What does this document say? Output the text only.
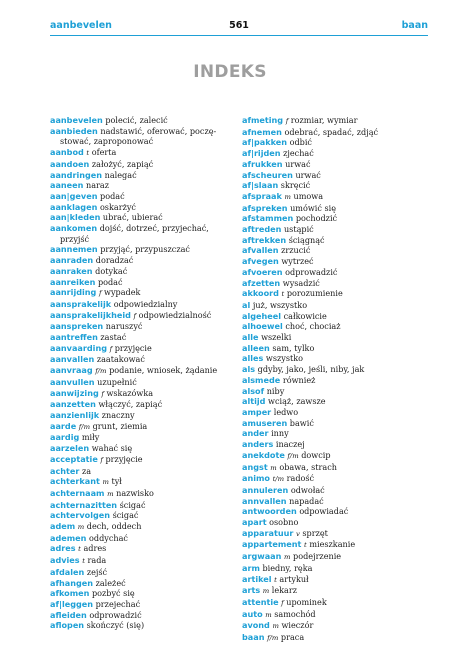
aanbevelen	561	baan
INDEKS

aanbevelen polecić, zalecić

aanbieden nadstawić, oferować, poczę-stować, zaproponować

aanbod t oferta

aandoen założyć, zapiąć

aandringen nalegać

aaneen naraz

aan|geven podać

aanklagen oskarżyć

aan|kleden ubrać, ubierać

aankomen dojść, dotrzeć, przyjechać, przyjść

aannemen przyjąć, przypuszczać

aanraden doradzać

aanraken dotykać

aanreiken podać

aanrijding f wypadek

aansprakelijk odpowiedzialny

aansprakelijkheid f odpowiedzialność

aanspreken naruszyć

aantreffen zastać

aanvaarding f przyjęcie

aanvallen zaatakować

aanvraag f/m podanie, wniosek, żądanie

aanvullen uzupełnić

aanwijzing f wskazówka

aanzetten włączyć, zapiąć

aanzienlijk znaczny

aarde f/m grunt, ziemia

aardig miły

aarzelen wahać się

acceptatie f przyjęcie

achter za

achterkant m tył

achternaam m nazwisko

achternazitten ścigać

achtervolgen ścigać

adem m dech, oddech

ademen oddychać

adres t adres

advies t rada

afdalen zejść

afhangen zależeć

afkomen pozbyć się

af|leggen przejechać

afleiden odprowadzić

aflopen skończyć (się)

afmeting f rozmiar, wymiar

afnemen odebrać, spadać, zdjąć

af|pakken odbić

af|rijden zjechać

afrukken urwać

afscheuren urwać

af|slaan skręcić

afspraak m umowa

afspreken umówić się

afstammen pochodzić

aftreden ustąpić

aftrekken ściągnąć

afvallen zrzucić

afvegen wytrzeć

afvoeren odprowadzić

afzetten wysadzić

akkoord t porozumienie

al już, wszystko

algeheel całkowicie

alhoewel choć, chociaż

alle wszelki

alleen sam, tylko

alles wszystko

als gdyby, jako, jeśli, niby, jak

alsmede również

alsof niby

altijd wciąż, zawsze

amper ledwo

amuseren bawić

ander inny

anders inaczej

anekdote f/m dowcip

angst m obawa, strach

animo t/m radość

annuleren odwołać

annvallen napadać

antwoorden odpowiadać

apart osobno

apparatuur v sprzęt

appartement t mieszkanie

argwaan m podejrzenie

arm biedny, ręka

artikel t artykuł

arts m lekarz

attentie f upominek

auto m samochód

avond m wieczór

baan f/m praca
